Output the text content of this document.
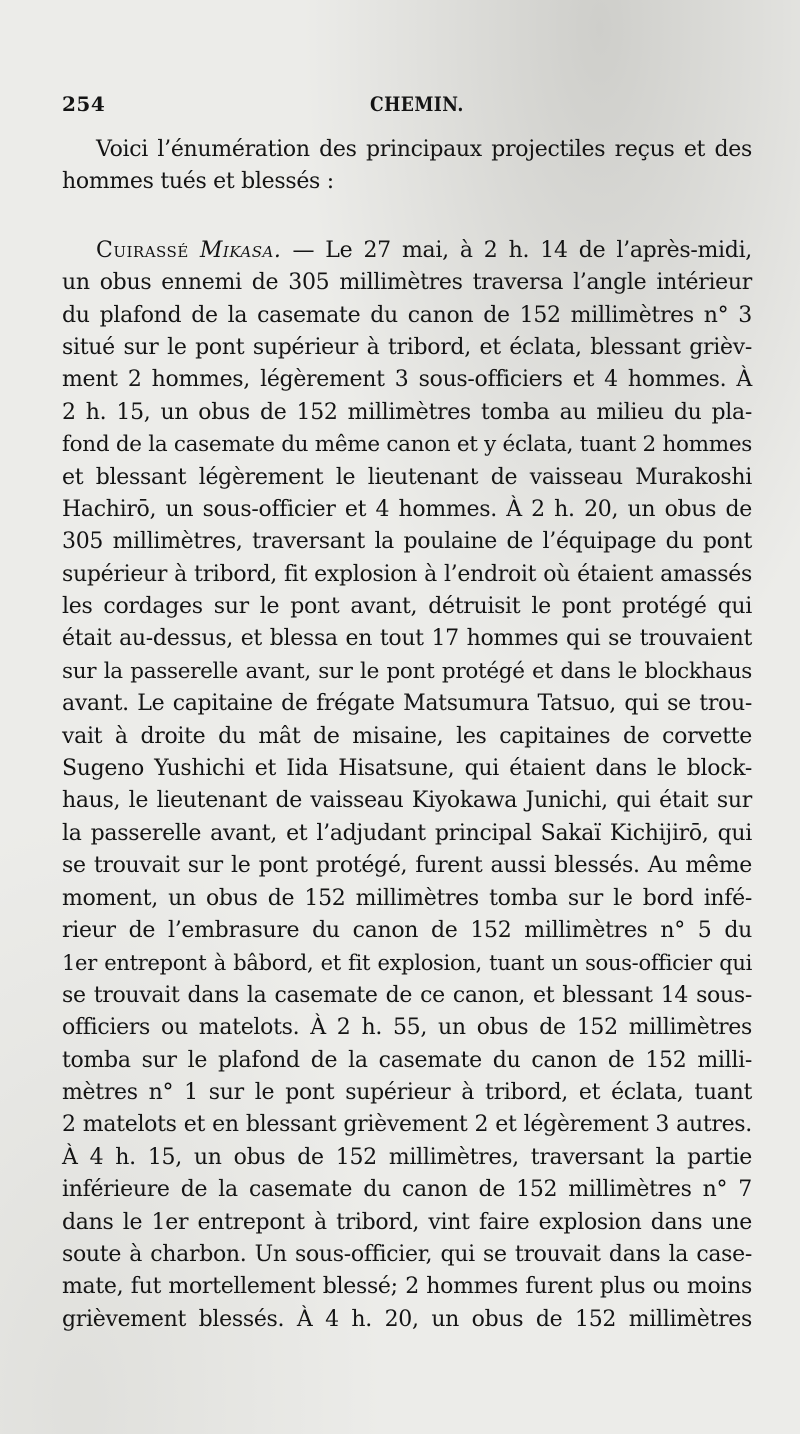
254	CHEMIN.
Voici l’énumération des principaux projectiles reçus et des
hommes tués et blessés :
Cuirassé Mikasa. — Le 27 mai, à 2 h. 14 de l’après-midi,
un obus ennemi de 305 millimètres traversa l’angle intérieur
du plafond de la casemate du canon de 152 millimètres n° 3
situé sur le pont supérieur à tribord, et éclata, blessant grièv-
ment 2 hommes, légèrement 3 sous-officiers et 4 hommes. À
2 h. 15, un obus de 152 millimètres tomba au milieu du pla-
fond de la casemate du même canon et y éclata, tuant 2 hommes
et blessant légèrement le lieutenant de vaisseau Murakoshi
Hachirō, un sous-officier et 4 hommes. À 2 h. 20, un obus de
305 millimètres, traversant la poulaine de l’équipage du pont
supérieur à tribord, fit explosion à l’endroit où étaient amassés
les cordages sur le pont avant, détruisit le pont protégé qui
était au-dessus, et blessa en tout 17 hommes qui se trouvaient
sur la passerelle avant, sur le pont protégé et dans le blockhaus
avant. Le capitaine de frégate Matsumura Tatsuo, qui se trou-
vait à droite du mât de misaine, les capitaines de corvette
Sugeno Yushichi et Iida Hisatsune, qui étaient dans le block-
haus, le lieutenant de vaisseau Kiyokawa Junichi, qui était sur
la passerelle avant, et l’adjudant principal Sakaï Kichijirō, qui
se trouvait sur le pont protégé, furent aussi blessés. Au même
moment, un obus de 152 millimètres tomba sur le bord infé-
rieur de l’embrasure du canon de 152 millimètres n° 5 du
1er entrepont à bâbord, et fit explosion, tuant un sous-officier qui
se trouvait dans la casemate de ce canon, et blessant 14 sous-
officiers ou matelots. À 2 h. 55, un obus de 152 millimètres
tomba sur le plafond de la casemate du canon de 152 milli-
mètres n° 1 sur le pont supérieur à tribord, et éclata, tuant
2 matelots et en blessant grièvement 2 et légèrement 3 autres.
À 4 h. 15, un obus de 152 millimètres, traversant la partie
inférieure de la casemate du canon de 152 millimètres n° 7
dans le 1er entrepont à tribord, vint faire explosion dans une
soute à charbon. Un sous-officier, qui se trouvait dans la case-
mate, fut mortellement blessé; 2 hommes furent plus ou moins
grièvement blessés. À 4 h. 20, un obus de 152 millimètres
